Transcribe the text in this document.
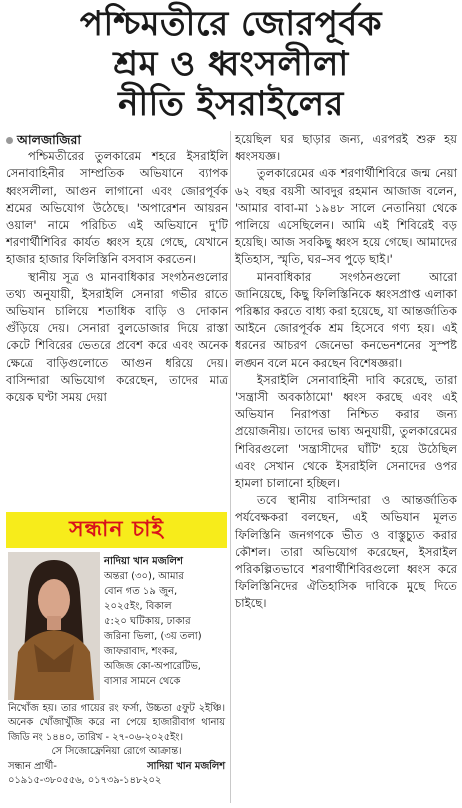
পশ্চিমতীরে জোরপূর্বক
শ্রম ও ধ্বংসলীলা
নীতি ইসরাইলের

আলজাজিরা

পশ্চিমতীরের তুলকারেম শহরে ইসরাইলি সেনাবাহিনীর সাম্প্রতিক অভিযানে ব্যাপক ধ্বংসলীলা, আগুন লাগানো এবং জোরপূর্বক শ্রমের অভিযোগ উঠেছে। 'অপারেশন আয়রন ওয়াল' নামে পরিচিত এই অভিযানে দু'টি শরণার্থীশিবির কার্যত ধ্বংস হয়ে গেছে, যেখানে হাজার হাজার ফিলিস্তিনি বসবাস করতেন।

স্থানীয় সূত্র ও মানবাধিকার সংগঠনগুলোর তথ্য অনুযায়ী, ইসরাইলি সেনারা গভীর রাতে অভিযান চালিয়ে শতাধিক বাড়ি ও দোকান গুঁড়িয়ে দেয়। সেনারা বুলডোজার দিয়ে রাস্তা কেটে শিবিরের ভেতরে প্রবেশ করে এবং অনেক ক্ষেত্রে বাড়িগুলোতে আগুন ধরিয়ে দেয়। বাসিন্দারা অভিযোগ করেছেন, তাদের মাত্র কয়েক ঘণ্টা সময় দেয়া

হয়েছিল ঘর ছাড়ার জন্য, এরপরই শুরু হয় ধ্বংসযজ্ঞ।

তুলকারেমের এক শরণার্থীশিবিরে জন্ম নেয়া ৬২ বছর বয়সী আবদুর রহমান আজাজ বলেন, 'আমার বাবা-মা ১৯৪৮ সালে নেতানিয়া থেকে পালিয়ে এসেছিলেন। আমি এই শিবিরেই বড় হয়েছি। আজ সবকিছু ধ্বংস হয়ে গেছে। আমাদের ইতিহাস, স্মৃতি, ঘর–সব পুড়ে ছাই।'

মানবাধিকার সংগঠনগুলো আরো জানিয়েছে, কিছু ফিলিস্তিনিকে ধ্বংসপ্রাপ্ত এলাকা পরিষ্কার করতে বাধ্য করা হয়েছে, যা আন্তর্জাতিক আইনে জোরপূর্বক শ্রম হিসেবে গণ্য হয়। এই ধরনের আচরণ জেনেভা কনভেনশনের সুস্পষ্ট লঙ্ঘন বলে মনে করছেন বিশেষজ্ঞরা।

ইসরাইলি সেনাবাহিনী দাবি করেছে, তারা 'সন্ত্রাসী অবকাঠামো' ধ্বংস করছে এবং এই অভিযান নিরাপত্তা নিশ্চিত করার জন্য প্রয়োজনীয়। তাদের ভাষ্য অনুযায়ী, তুলকারেমের শিবিরগুলো 'সন্ত্রাসীদের ঘাঁটি' হয়ে উঠেছিল এবং সেখান থেকে ইসরাইলি সেনাদের ওপর হামলা চালানো হচ্ছিল।

তবে স্থানীয় বাসিন্দারা ও আন্তর্জাতিক পর্যবেক্ষকরা বলছেন, এই অভিযান মূলত ফিলিস্তিনি জনগণকে ভীত ও বাস্তুচ্যুত করার কৌশল। তারা অভিযোগ করেছেন, ইসরাইল পরিকল্পিতভাবে শরণার্থীশিবিরগুলো ধ্বংস করে ফিলিস্তিনিদের ঐতিহাসিক দাবিকে মুছে দিতে চাইছে।

সন্ধান চাই
নাদিয়া খান মজলিশ
অন্তরা (৩০), আমার
বোন গত ১৯ জুন,
২০২৫ইং, বিকাল
৫:২০ ঘটিকায়, ঢাকার
জরিনা ভিলা, (৩য় তলা)
জাফরাবাদ, শংকর,
অজিজ কো-অপারেটিভ,
বাসার সামনে থেকে
নিখোঁজ হয়। তার গায়ের রং ফর্সা, উচ্চতা ৫ফুট ২ইঞ্চি। অনেক খোঁজাখুঁজি করে না পেয়ে হাজারীবাগ থানায় জিডি নং ১৪৪০, তারিখ - ২৭-০৬-২০২৫ইং।
সে সিজোফ্রেনিয়া রোগে আক্রান্ত।
সন্ধান প্রার্থী-	সাদিয়া খান মজলিশ
০১৯১৫-৩৮০৫৫৬, ০১৭৩৯-১৪৮২০২
